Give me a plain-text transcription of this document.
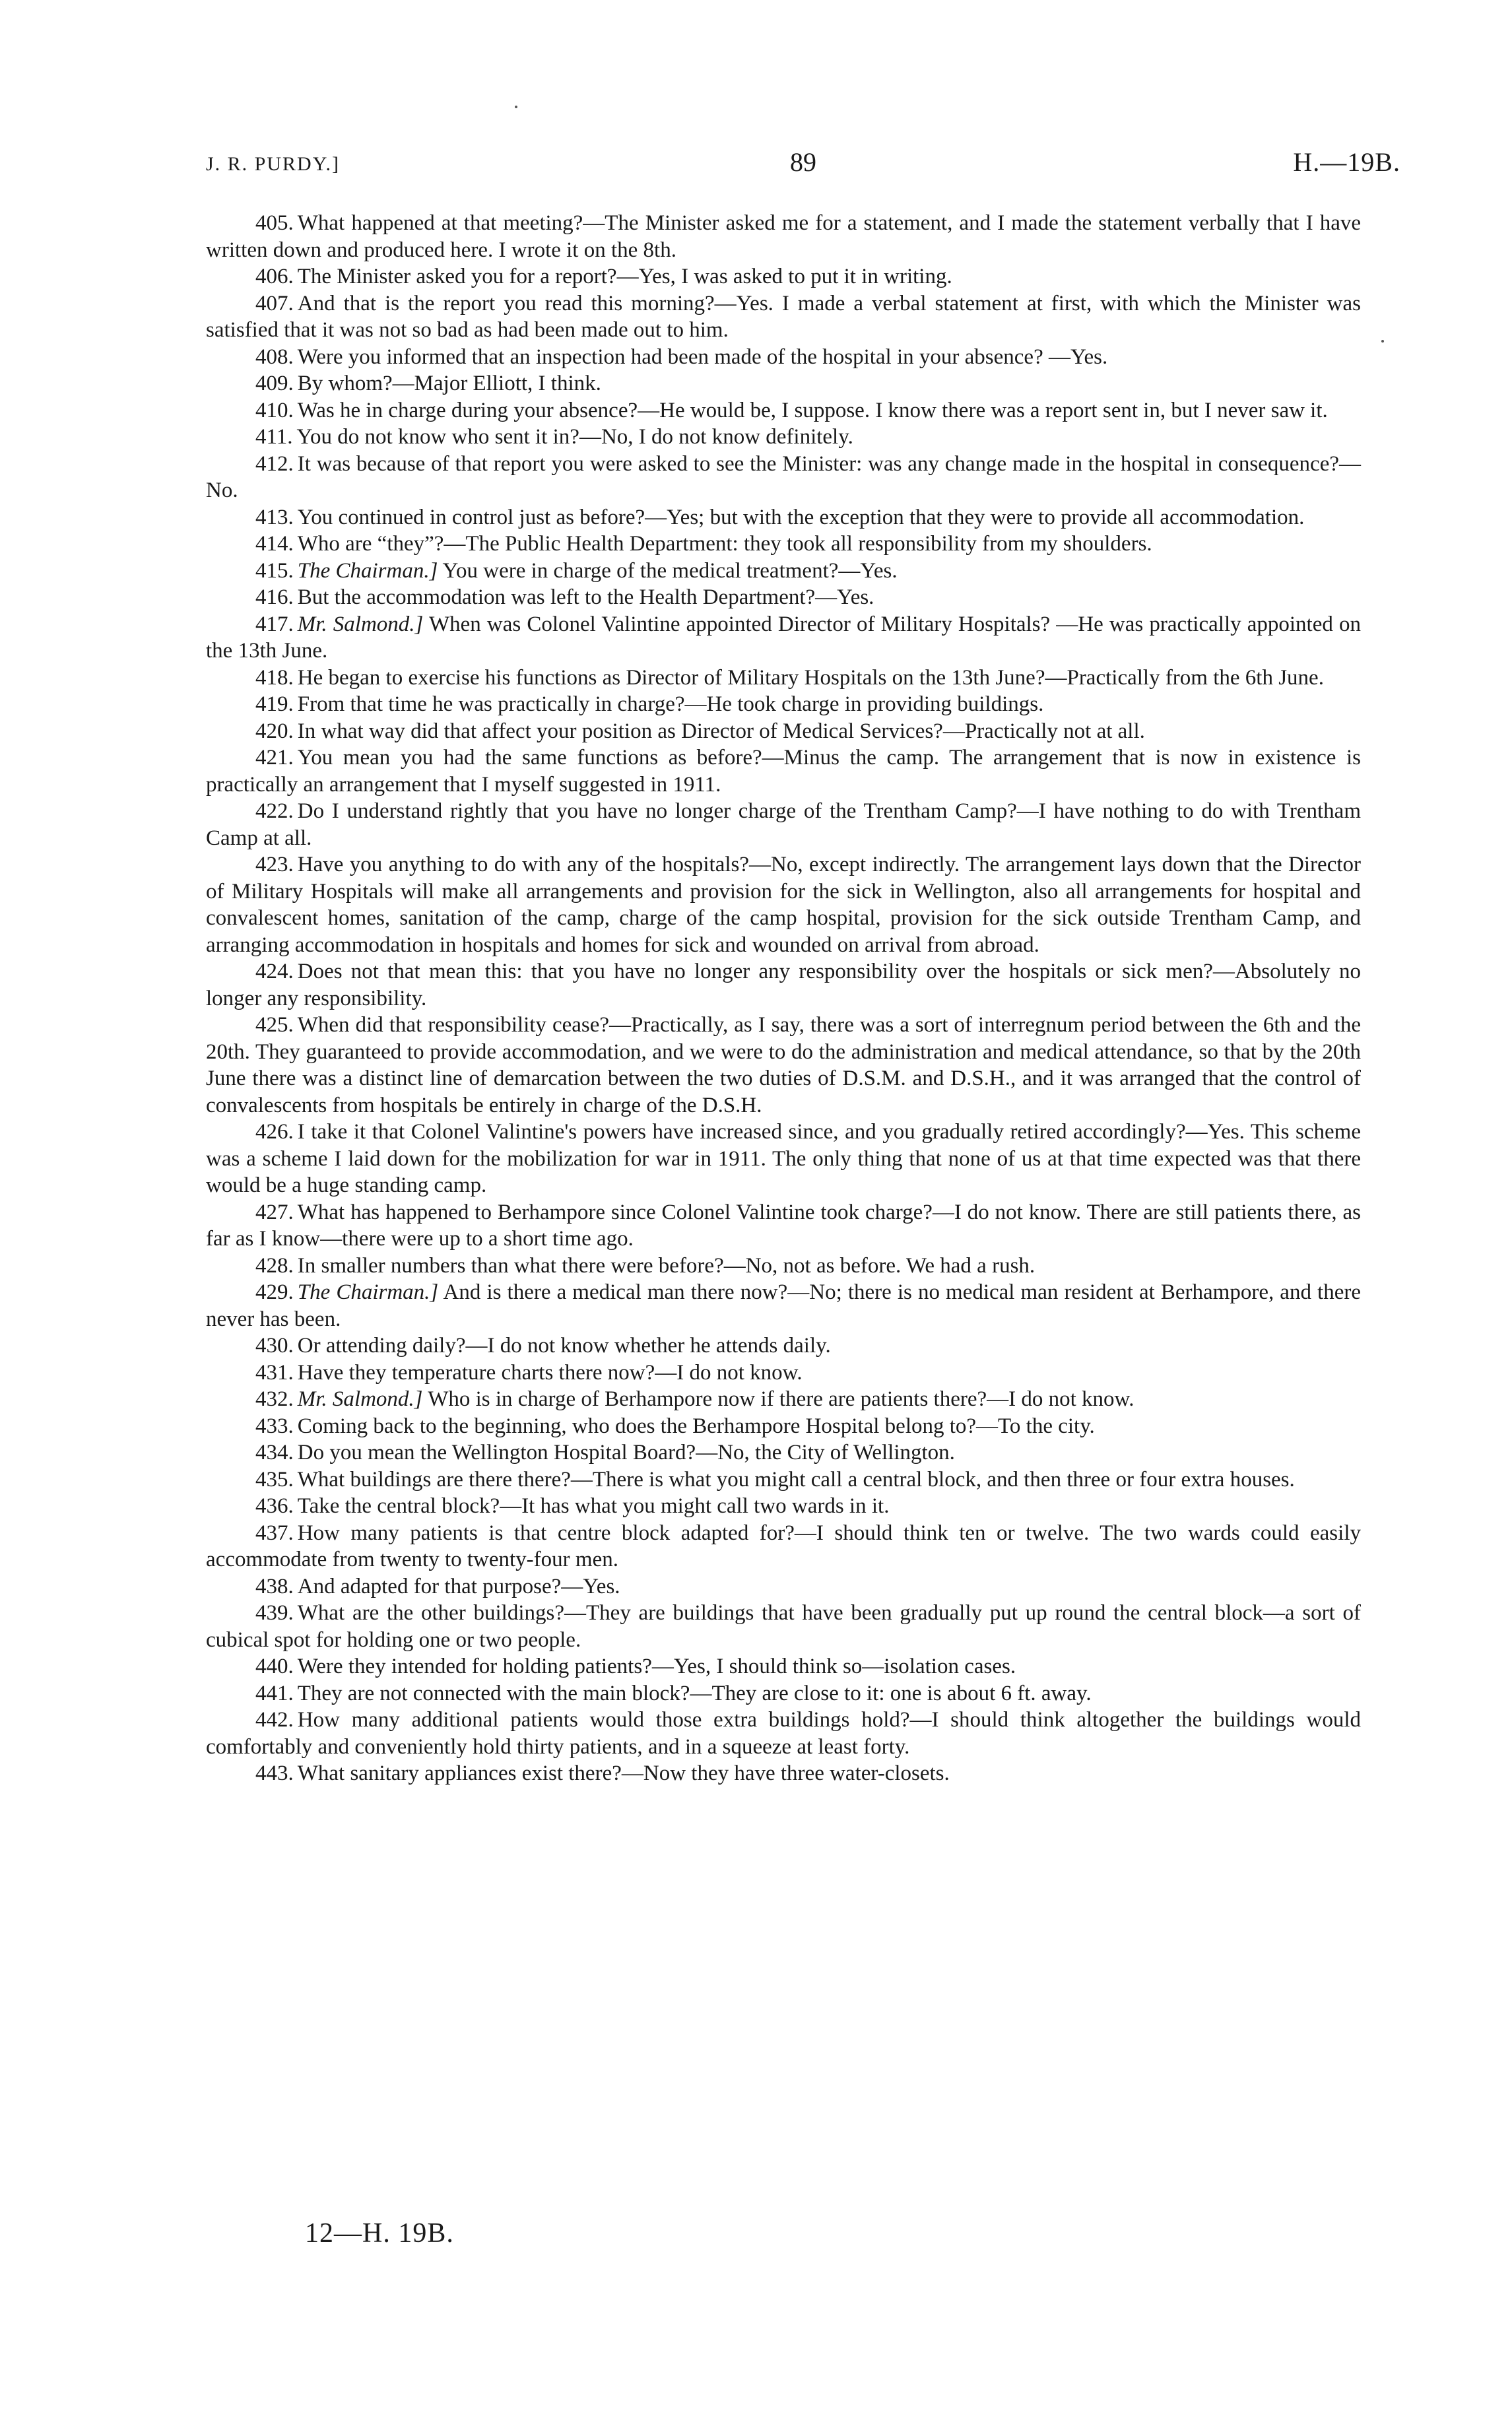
J. R. PURDY.]	89	H.—19B.

405. What happened at that meeting?—The Minister asked me for a statement, and I made the statement verbally that I have written down and produced here. I wrote it on the 8th.

406. The Minister asked you for a report?—Yes, I was asked to put it in writing.

407. And that is the report you read this morning?—Yes. I made a verbal statement at first, with which the Minister was satisfied that it was not so bad as had been made out to him.

408. Were you informed that an inspection had been made of the hospital in your absence? —Yes.

409. By whom?—Major Elliott, I think.

410. Was he in charge during your absence?—He would be, I suppose. I know there was a report sent in, but I never saw it.

411. You do not know who sent it in?—No, I do not know definitely.

412. It was because of that report you were asked to see the Minister: was any change made in the hospital in consequence?—No.

413. You continued in control just as before?—Yes; but with the exception that they were to provide all accommodation.

414. Who are “they”?—The Public Health Department: they took all responsibility from my shoulders.

415. The Chairman.] You were in charge of the medical treatment?—Yes.

416. But the accommodation was left to the Health Department?—Yes.

417. Mr. Salmond.] When was Colonel Valintine appointed Director of Military Hospitals? —He was practically appointed on the 13th June.

418. He began to exercise his functions as Director of Military Hospitals on the 13th June?—Practically from the 6th June.

419. From that time he was practically in charge?—He took charge in providing buildings.

420. In what way did that affect your position as Director of Medical Services?—Practically not at all.

421. You mean you had the same functions as before?—Minus the camp. The arrangement that is now in existence is practically an arrangement that I myself suggested in 1911.

422. Do I understand rightly that you have no longer charge of the Trentham Camp?—I have nothing to do with Trentham Camp at all.

423. Have you anything to do with any of the hospitals?—No, except indirectly. The arrangement lays down that the Director of Military Hospitals will make all arrangements and provision for the sick in Wellington, also all arrangements for hospital and convalescent homes, sanitation of the camp, charge of the camp hospital, provision for the sick outside Trentham Camp, and arranging accommodation in hospitals and homes for sick and wounded on arrival from abroad.

424. Does not that mean this: that you have no longer any responsibility over the hospitals or sick men?—Absolutely no longer any responsibility.

425. When did that responsibility cease?—Practically, as I say, there was a sort of interregnum period between the 6th and the 20th. They guaranteed to provide accommodation, and we were to do the administration and medical attendance, so that by the 20th June there was a distinct line of demarcation between the two duties of D.S.M. and D.S.H., and it was arranged that the control of convalescents from hospitals be entirely in charge of the D.S.H.

426. I take it that Colonel Valintine's powers have increased since, and you gradually retired accordingly?—Yes. This scheme was a scheme I laid down for the mobilization for war in 1911. The only thing that none of us at that time expected was that there would be a huge standing camp.

427. What has happened to Berhampore since Colonel Valintine took charge?—I do not know. There are still patients there, as far as I know—there were up to a short time ago.

428. In smaller numbers than what there were before?—No, not as before. We had a rush.

429. The Chairman.] And is there a medical man there now?—No; there is no medical man resident at Berhampore, and there never has been.

430. Or attending daily?—I do not know whether he attends daily.

431. Have they temperature charts there now?—I do not know.

432. Mr. Salmond.] Who is in charge of Berhampore now if there are patients there?—I do not know.

433. Coming back to the beginning, who does the Berhampore Hospital belong to?—To the city.

434. Do you mean the Wellington Hospital Board?—No, the City of Wellington.

435. What buildings are there there?—There is what you might call a central block, and then three or four extra houses.

436. Take the central block?—It has what you might call two wards in it.

437. How many patients is that centre block adapted for?—I should think ten or twelve. The two wards could easily accommodate from twenty to twenty-four men.

438. And adapted for that purpose?—Yes.

439. What are the other buildings?—They are buildings that have been gradually put up round the central block—a sort of cubical spot for holding one or two people.

440. Were they intended for holding patients?—Yes, I should think so—isolation cases.

441. They are not connected with the main block?—They are close to it: one is about 6 ft. away.

442. How many additional patients would those extra buildings hold?—I should think altogether the buildings would comfortably and conveniently hold thirty patients, and in a squeeze at least forty.

443. What sanitary appliances exist there?—Now they have three water-closets.

12—H. 19B.
